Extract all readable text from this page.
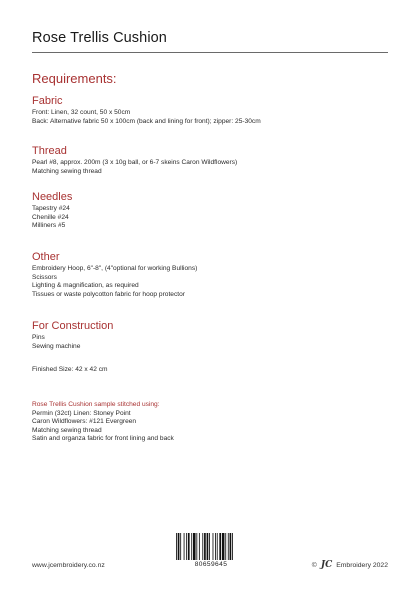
Rose Trellis Cushion
Requirements:
Fabric
Front: Linen, 32 count, 50 x 50cm
Back: Alternative fabric 50 x 100cm (back and lining for front); zipper: 25-30cm
Thread
Pearl #8, approx. 200m (3 x 10g ball, or 6-7 skeins Caron Wildflowers)
Matching sewing thread
Needles
Tapestry #24
Chenille #24
Milliners #5
Other
Embroidery Hoop, 6"-8", (4"optional for working Bullions)
Scissors
Lighting & magnification, as required
Tissues or waste polycotton fabric for hoop protector
For Construction
Pins
Sewing machine
Finished Size: 42 x 42 cm
Rose Trellis Cushion sample stitched using:
Permin (32ct) Linen: Stoney Point
Caron Wildflowers: #121 Evergreen
Matching sewing thread
Satin and organza fabric for front lining and back
80659645
www.jcembroidery.co.nz	© JC Embroidery 2022
